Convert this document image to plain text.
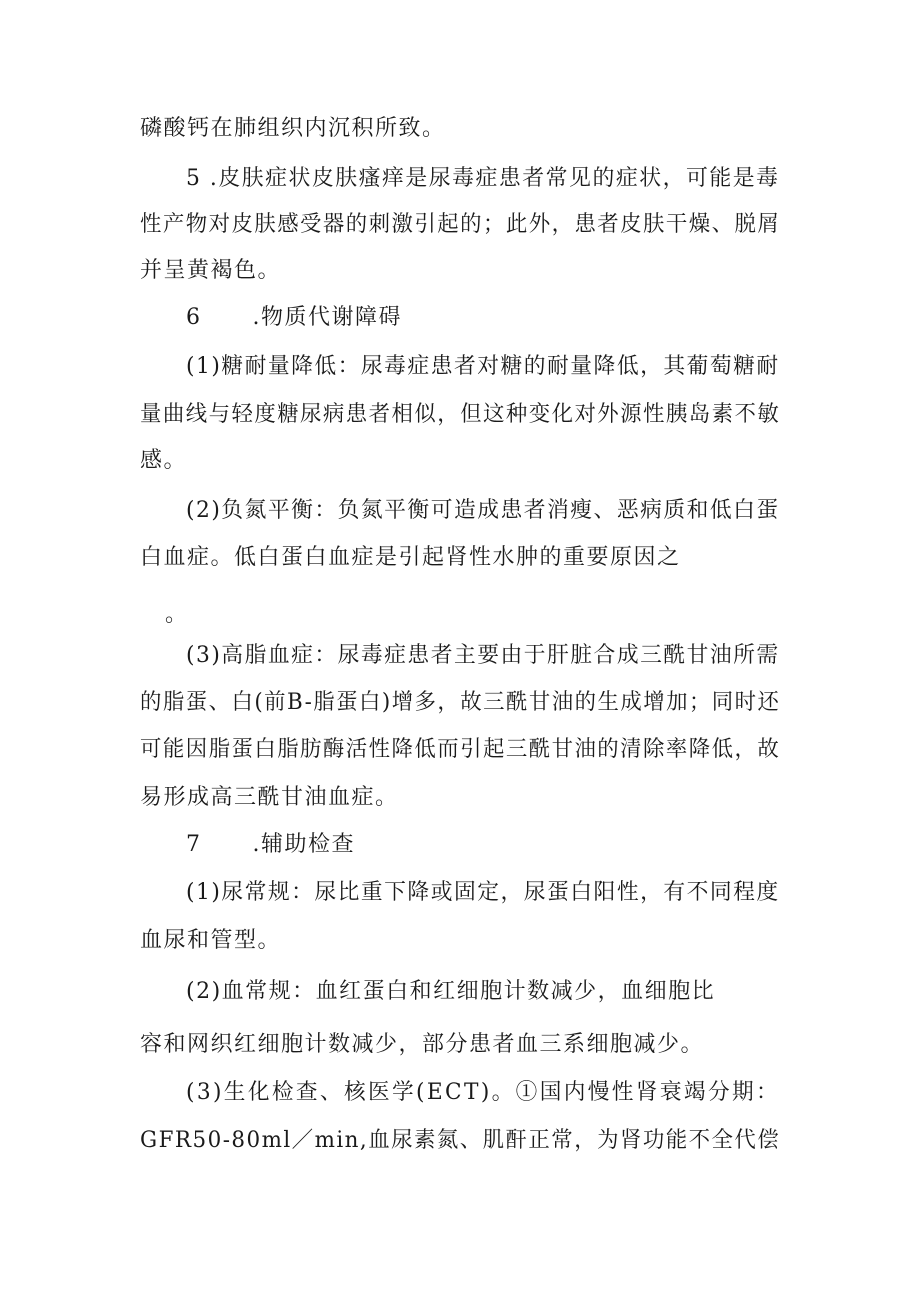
磷酸钙在肺组织内沉积所致。
5 .皮肤症状皮肤瘙痒是尿毒症患者常见的症状，可能是毒
性产物对皮肤感受器的刺激引起的；此外，患者皮肤干燥、脱屑
并呈黄褐色。
6      .物质代谢障碍
(1)糖耐量降低：尿毒症患者对糖的耐量降低，其葡萄糖耐
量曲线与轻度糖尿病患者相似，但这种变化对外源性胰岛素不敏
感。
(2)负氮平衡：负氮平衡可造成患者消瘦、恶病质和低白蛋
白血症。低白蛋白血症是引起肾性水肿的重要原因之
。
(3)高脂血症：尿毒症患者主要由于肝脏合成三酰甘油所需
的脂蛋、白(前B-脂蛋白)增多，故三酰甘油的生成增加；同时还
可能因脂蛋白脂肪酶活性降低而引起三酰甘油的清除率降低，故
易形成高三酰甘油血症。
7      .辅助检查
(1)尿常规：尿比重下降或固定，尿蛋白阳性，有不同程度
血尿和管型。
(2)血常规：血红蛋白和红细胞计数减少，血细胞比
容和网织红细胞计数减少，部分患者血三系细胞减少。
(3)生化检查、核医学(ECT)。①国内慢性肾衰竭分期：
GFR50-80ml／min,血尿素氮、肌酐正常，为肾功能不全代偿
